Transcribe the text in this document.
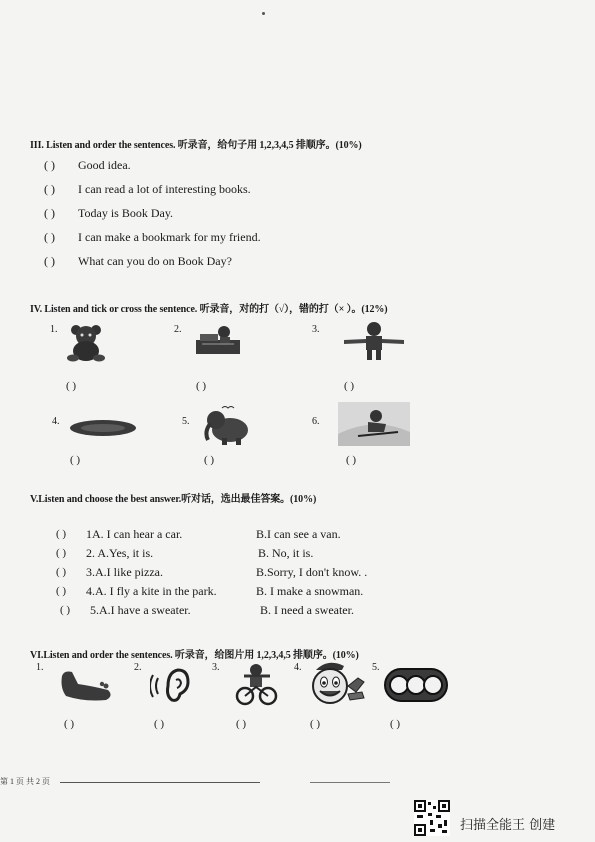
III. Listen and order the sentences. 听录音，给句子用 1,2,3,4,5 排顺序。(10%)
( ) Good idea.
( ) I can read a lot of interesting books.
( ) Today is Book Day.
( ) I can make a bookmark for my friend.
( ) What can you do on Book Day?
IV. Listen and tick or cross the sentence. 听录音，对的打（√），错的打（× ）。(12%)
1.	2.	3.
( )	( )	( )
4.	5.	6.
( )	( )	( )
V.Listen and choose the best answer.听对话，选出最佳答案。(10%)
( ) 1A. I can hear a car.	B.I can see a van.
( ) 2. A.Yes, it is.	B. No, it is.
( ) 3.A.I like pizza.	B.Sorry, I don't know. .
( ) 4.A. I fly a kite in the park.	B. I make a snowman.
( ) 5.A.I have a sweater.	B. I need a sweater.
VI.Listen and order the sentences. 听录音，给图片用 1,2,3,4,5 排顺序。(10%)
1.	2.	3.	4.	5.
( )	( )	( )	( )	( )
第 1 页 共 2 页
扫描全能王 创建
